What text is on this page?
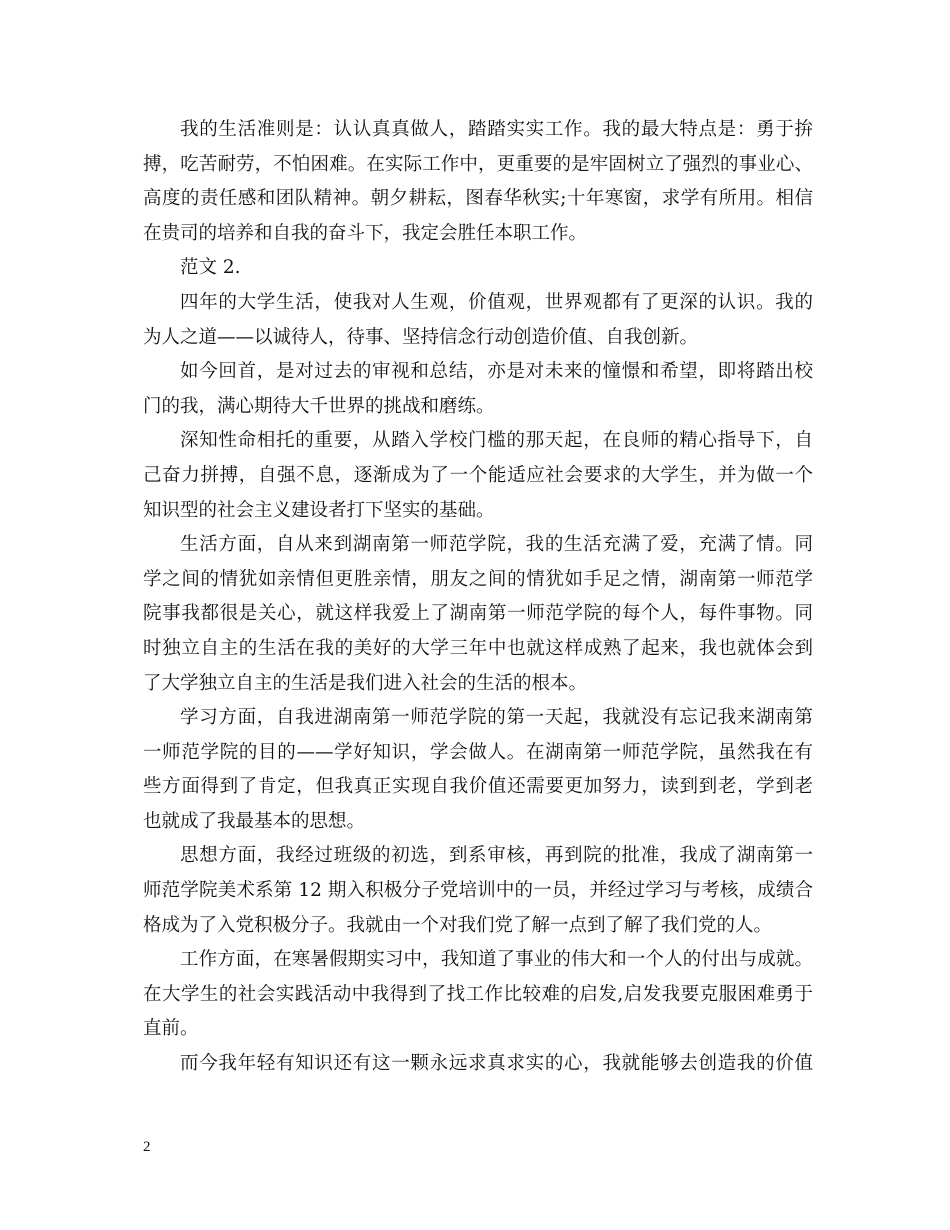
我的生活准则是：认认真真做人，踏踏实实工作。我的最大特点是：勇于拚
搏，吃苦耐劳，不怕困难。在实际工作中，更重要的是牢固树立了强烈的事业心、
高度的责任感和团队精神。朝夕耕耘，图春华秋实;十年寒窗，求学有所用。相信
在贵司的培养和自我的奋斗下，我定会胜任本职工作。
范文 2.
四年的大学生活，使我对人生观，价值观，世界观都有了更深的认识。我的
为人之道——以诚待人，待事、坚持信念行动创造价值、自我创新。
如今回首，是对过去的审视和总结，亦是对未来的憧憬和希望，即将踏出校
门的我，满心期待大千世界的挑战和磨练。
深知性命相托的重要，从踏入学校门槛的那天起，在良师的精心指导下，自
己奋力拼搏，自强不息，逐渐成为了一个能适应社会要求的大学生，并为做一个
知识型的社会主义建设者打下坚实的基础。
生活方面，自从来到湖南第一师范学院，我的生活充满了爱，充满了情。同
学之间的情犹如亲情但更胜亲情，朋友之间的情犹如手足之情，湖南第一师范学
院事我都很是关心，就这样我爱上了湖南第一师范学院的每个人，每件事物。同
时独立自主的生活在我的美好的大学三年中也就这样成熟了起来，我也就体会到
了大学独立自主的生活是我们进入社会的生活的根本。
学习方面，自我进湖南第一师范学院的第一天起，我就没有忘记我来湖南第
一师范学院的目的——学好知识，学会做人。在湖南第一师范学院，虽然我在有
些方面得到了肯定，但我真正实现自我价值还需要更加努力，读到到老，学到老
也就成了我最基本的思想。
思想方面，我经过班级的初选，到系审核，再到院的批准，我成了湖南第一
师范学院美术系第 12 期入积极分子党培训中的一员，并经过学习与考核，成绩合
格成为了入党积极分子。我就由一个对我们党了解一点到了解了我们党的人。
工作方面，在寒暑假期实习中，我知道了事业的伟大和一个人的付出与成就。
在大学生的社会实践活动中我得到了找工作比较难的启发,启发我要克服困难勇于
直前。
而今我年轻有知识还有这一颗永远求真求实的心，我就能够去创造我的价值
2
